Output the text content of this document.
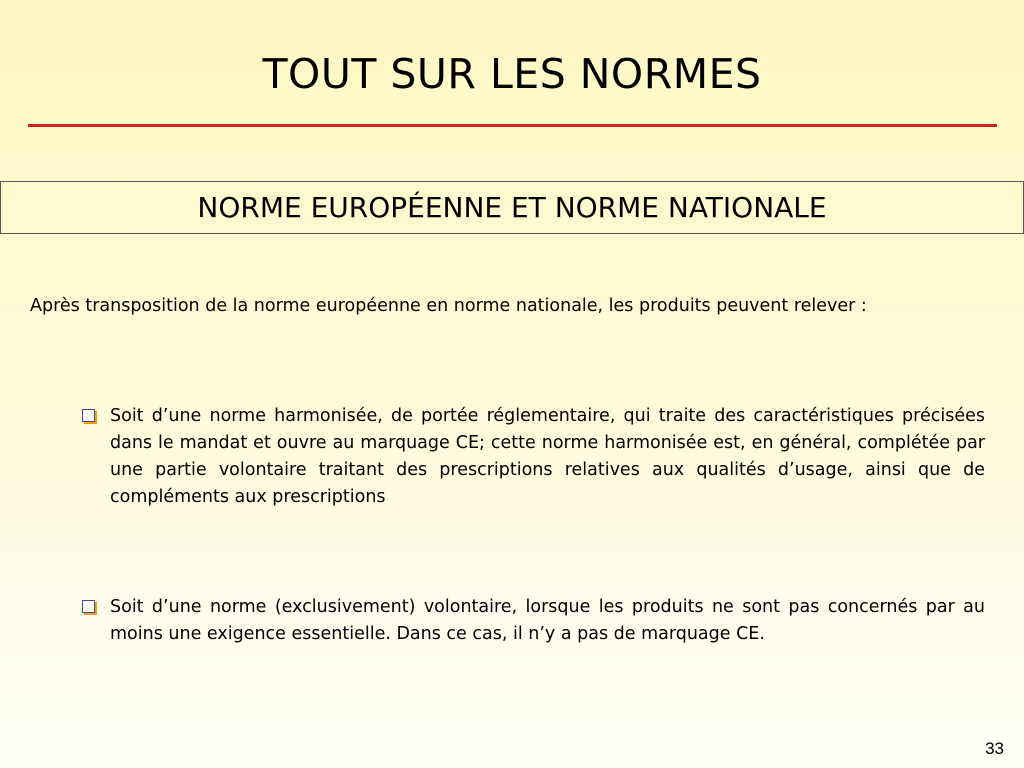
TOUT SUR LES NORMES
NORME EUROPÉENNE ET NORME NATIONALE
Après transposition de la norme européenne en norme nationale, les produits peuvent relever :
Soit d’une norme harmonisée, de portée réglementaire, qui traite des caractéristiques précisées dans le mandat et ouvre au marquage CE; cette norme harmonisée est, en général, complétée par une partie volontaire traitant des prescriptions relatives aux qualités d’usage, ainsi que de compléments aux prescriptions
Soit d’une norme (exclusivement) volontaire, lorsque les produits ne sont pas concernés par au moins une exigence essentielle. Dans ce cas, il n’y a pas de marquage CE.
33
